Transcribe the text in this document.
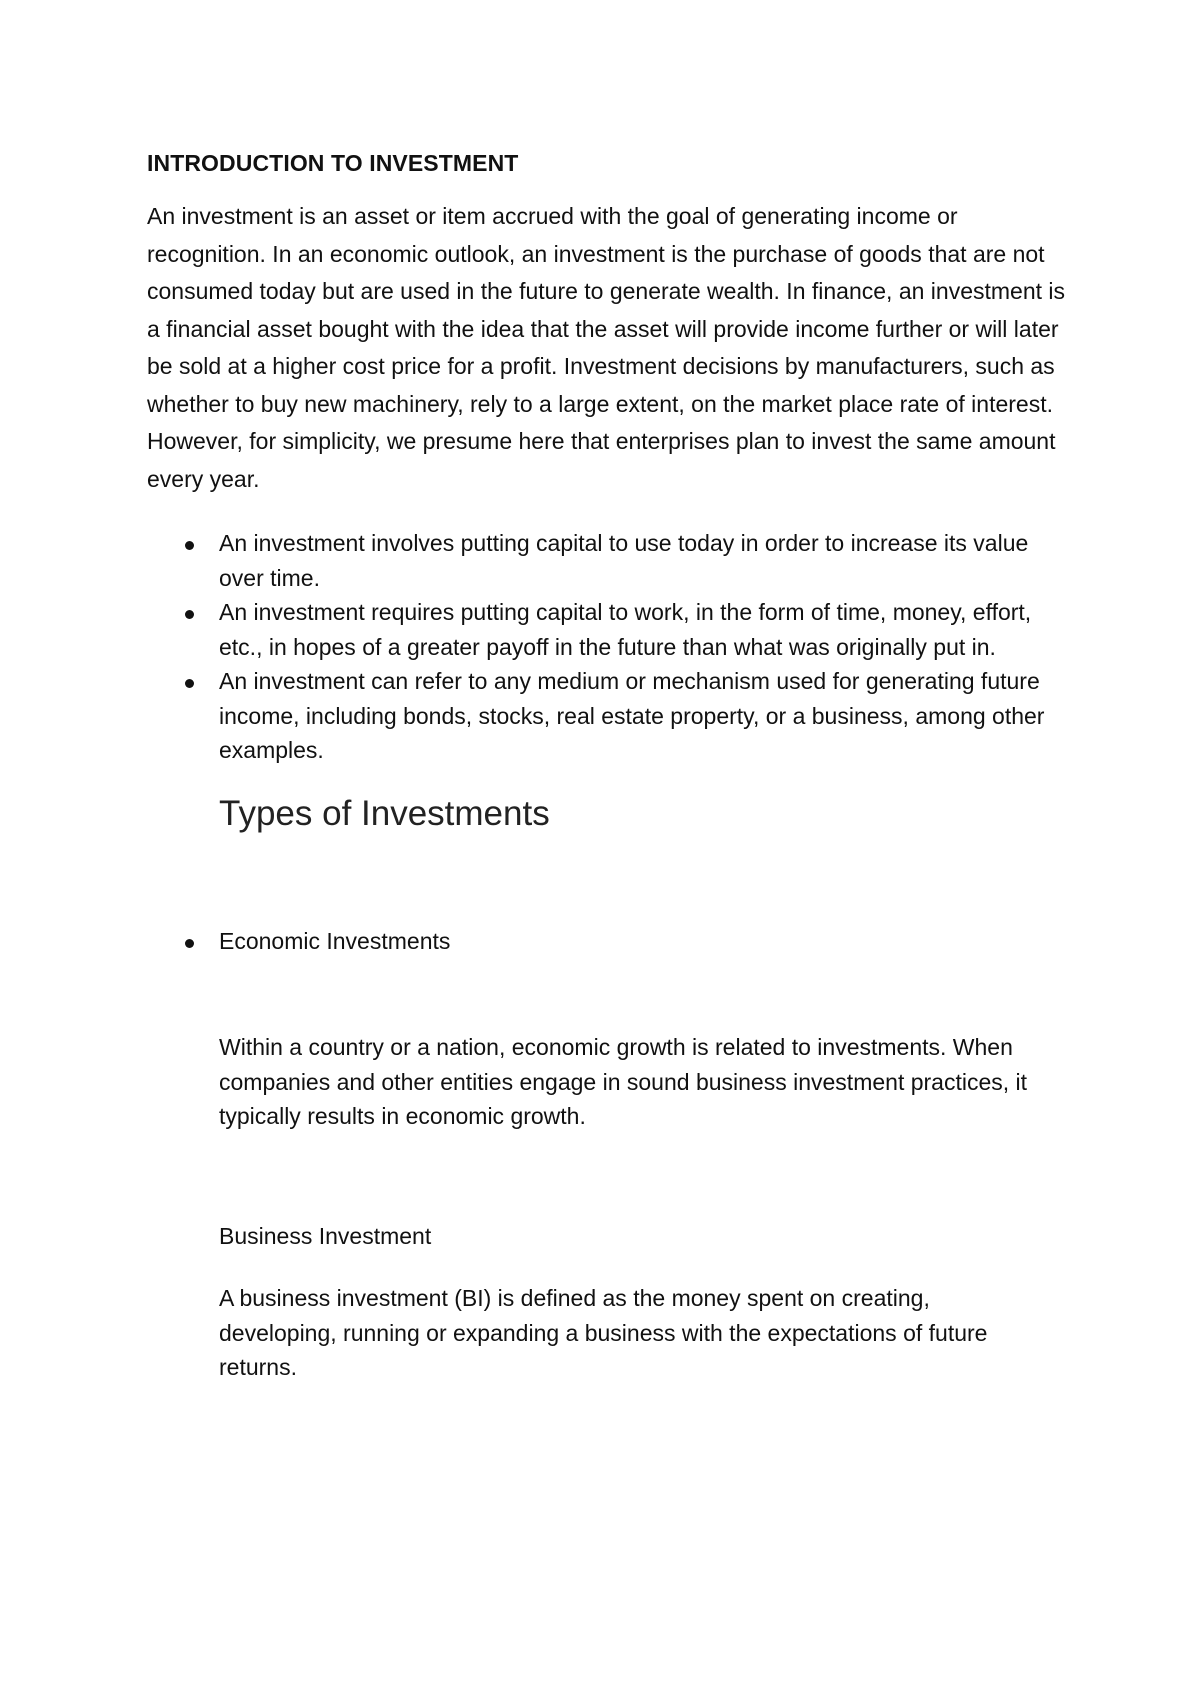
INTRODUCTION TO INVESTMENT

An investment is an asset or item accrued with the goal of generating income or recognition. In an economic outlook, an investment is the purchase of goods that are not consumed today but are used in the future to generate wealth. In finance, an investment is a financial asset bought with the idea that the asset will provide income further or will later be sold at a higher cost price for a profit. Investment decisions by manufacturers, such as whether to buy new machinery, rely to a large extent, on the market place rate of interest. However, for simplicity, we presume here that enterprises plan to invest the same amount every year.

An investment involves putting capital to use today in order to increase its value over time.
An investment requires putting capital to work, in the form of time, money, effort, etc., in hopes of a greater payoff in the future than what was originally put in.
An investment can refer to any medium or mechanism used for generating future income, including bonds, stocks, real estate property, or a business, among other examples.
Types of Investments
Economic Investments

Within a country or a nation, economic growth is related to investments. When companies and other entities engage in sound business investment practices, it typically results in economic growth.

Business Investment

A business investment (BI) is defined as the money spent on creating, developing, running or expanding a business with the expectations of future returns.
